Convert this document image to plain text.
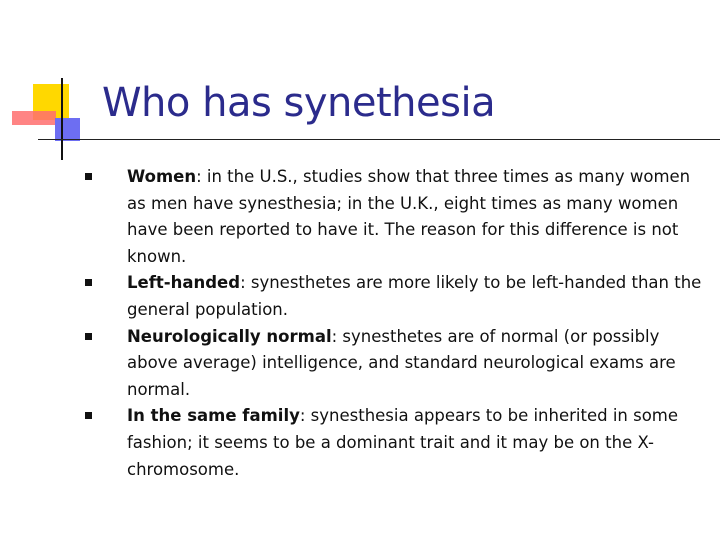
Who has synethesia
Women: in the U.S., studies show that three times as many women as men have synesthesia; in the U.K., eight times as many women have been reported to have it. The reason for this difference is not known.
Left-handed: synesthetes are more likely to be left-handed than the general population.
Neurologically normal: synesthetes are of normal (or possibly above average) intelligence, and standard neurological exams are normal.
In the same family: synesthesia appears to be inherited in some fashion; it seems to be a dominant trait and it may be on the X-chromosome.
